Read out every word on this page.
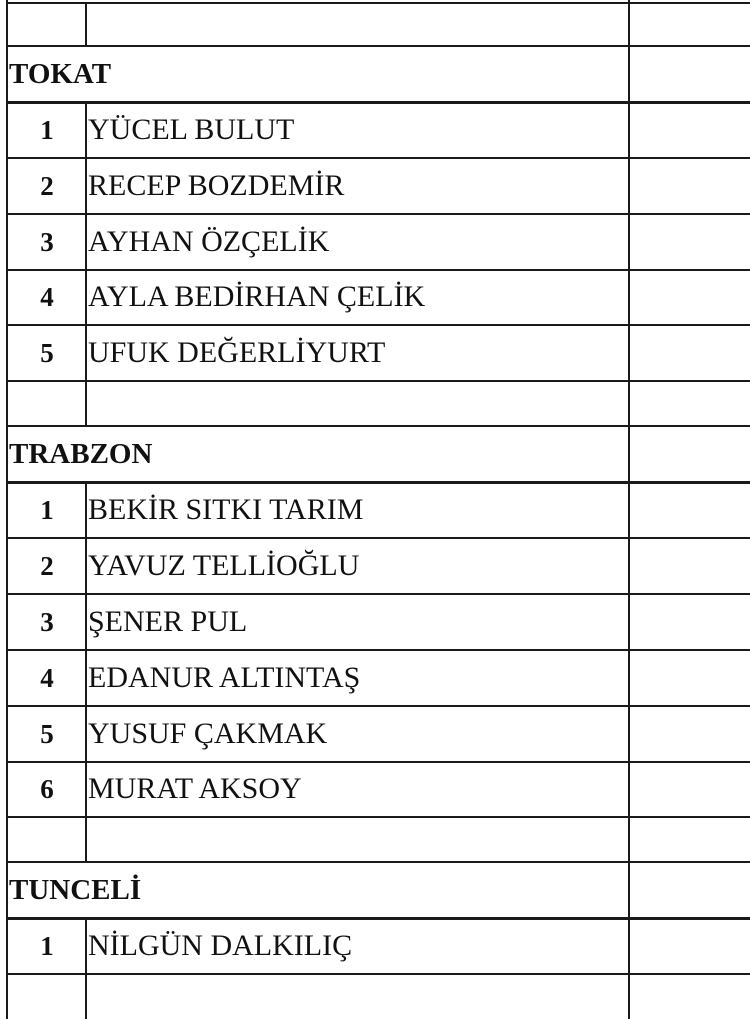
TOKAT
1	YÜCEL BULUT
2	RECEP BOZDEMİR
3	AYHAN ÖZÇELİK
4	AYLA BEDİRHAN ÇELİK
5	UFUK DEĞERLİYURT
TRABZON
1	BEKİR SITKI TARIM
2	YAVUZ TELLİOĞLU
3	ŞENER PUL
4	EDANUR ALTINTAŞ
5	YUSUF ÇAKMAK
6	MURAT AKSOY
TUNCELİ
1	NİLGÜN DALKILIÇ
